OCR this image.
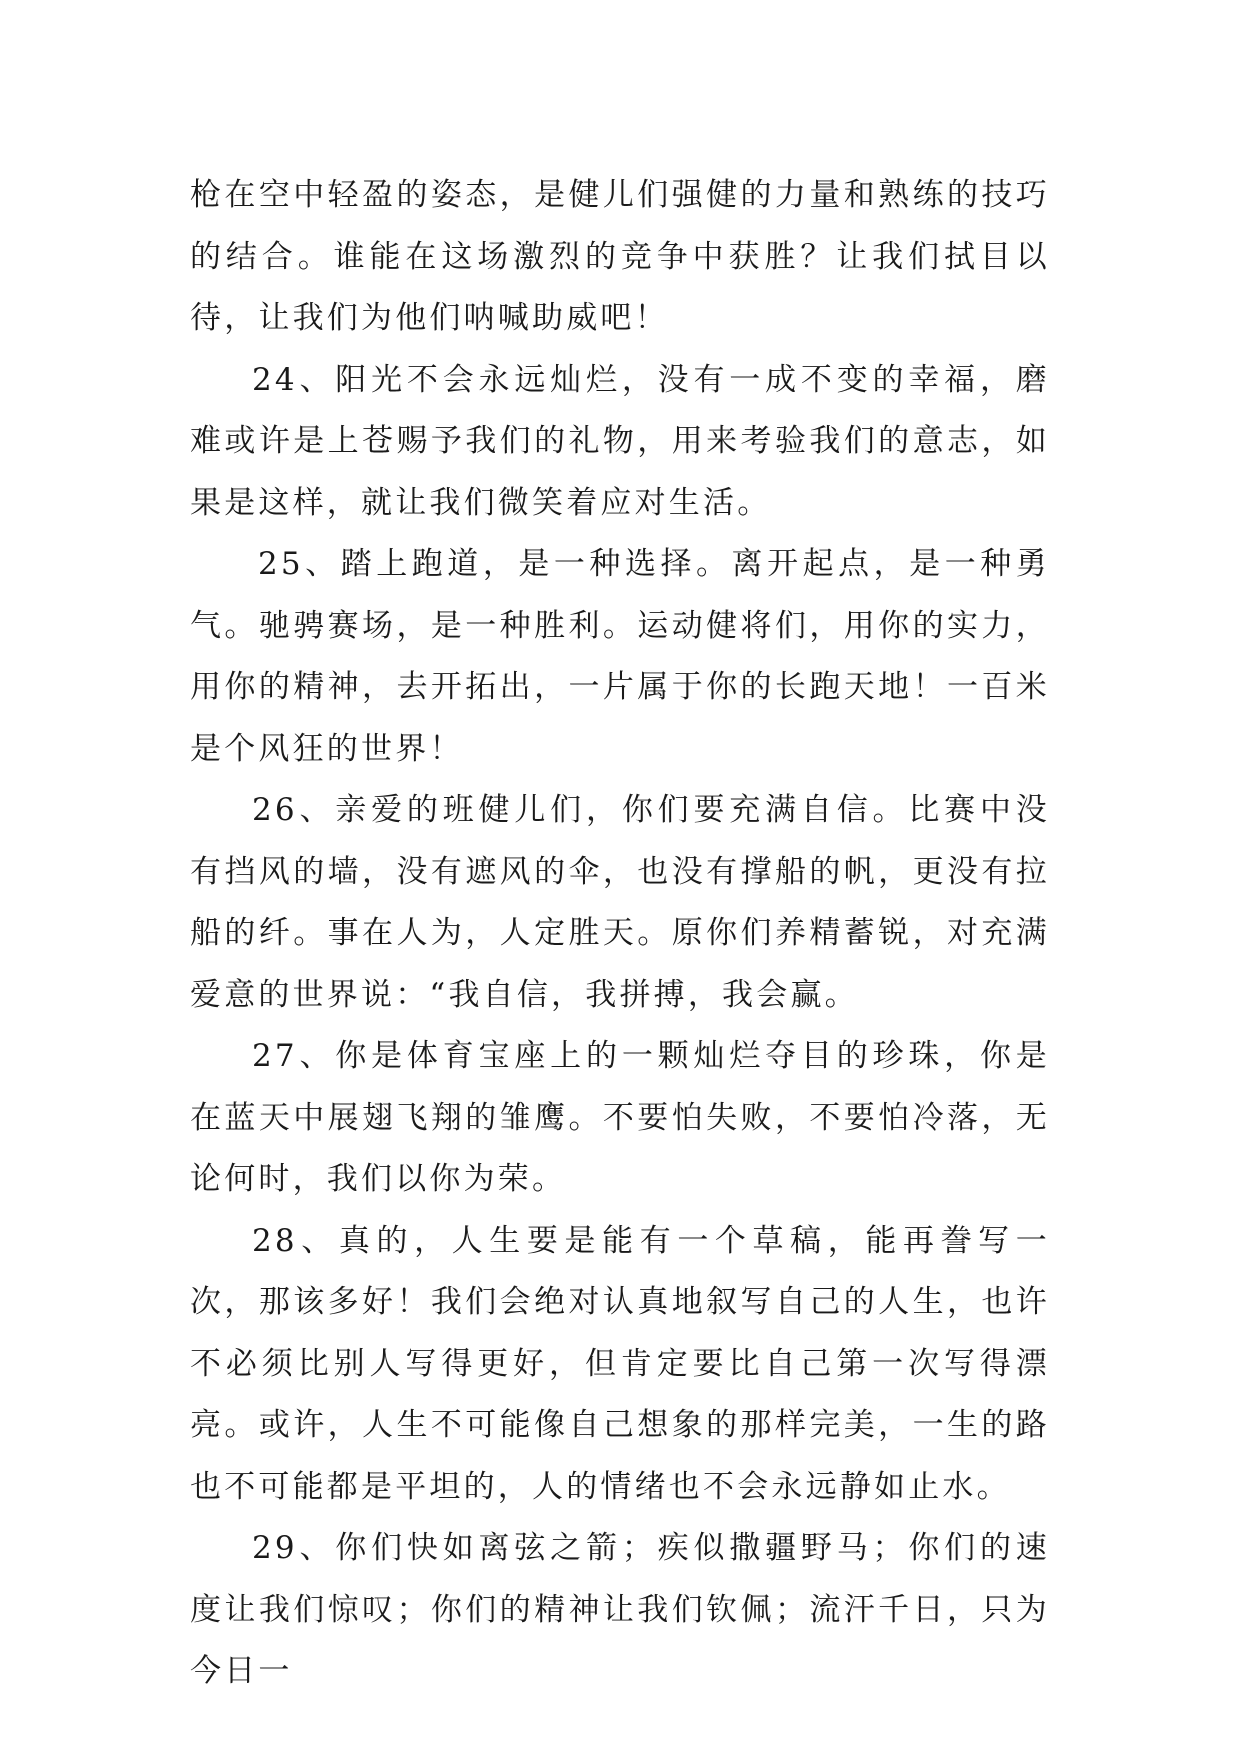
枪在空中轻盈的姿态，是健儿们强健的力量和熟练的技巧的结合。谁能在这场激烈的竞争中获胜？让我们拭目以待，让我们为他们呐喊助威吧！

24、阳光不会永远灿烂，没有一成不变的幸福，磨难或许是上苍赐予我们的礼物，用来考验我们的意志，如果是这样，就让我们微笑着应对生活。

25、踏上跑道，是一种选择。离开起点，是一种勇气。驰骋赛场，是一种胜利。运动健将们，用你的实力，用你的精神，去开拓出，一片属于你的长跑天地！一百米是个风狂的世界！

26、亲爱的班健儿们，你们要充满自信。比赛中没有挡风的墙，没有遮风的伞，也没有撑船的帆，更没有拉船的纤。事在人为，人定胜天。原你们养精蓄锐，对充满爱意的世界说：“我自信，我拼搏，我会赢。

27、你是体育宝座上的一颗灿烂夺目的珍珠，你是在蓝天中展翅飞翔的雏鹰。不要怕失败，不要怕冷落，无论何时，我们以你为荣。

28、真的，人生要是能有一个草稿，能再誊写一次，那该多好！我们会绝对认真地叙写自己的人生，也许不必须比别人写得更好，但肯定要比自己第一次写得漂亮。或许，人生不可能像自己想象的那样完美，一生的路也不可能都是平坦的，人的情绪也不会永远静如止水。

29、你们快如离弦之箭；疾似撒疆野马；你们的速度让我们惊叹；你们的精神让我们钦佩；流汗千日，只为今日一
